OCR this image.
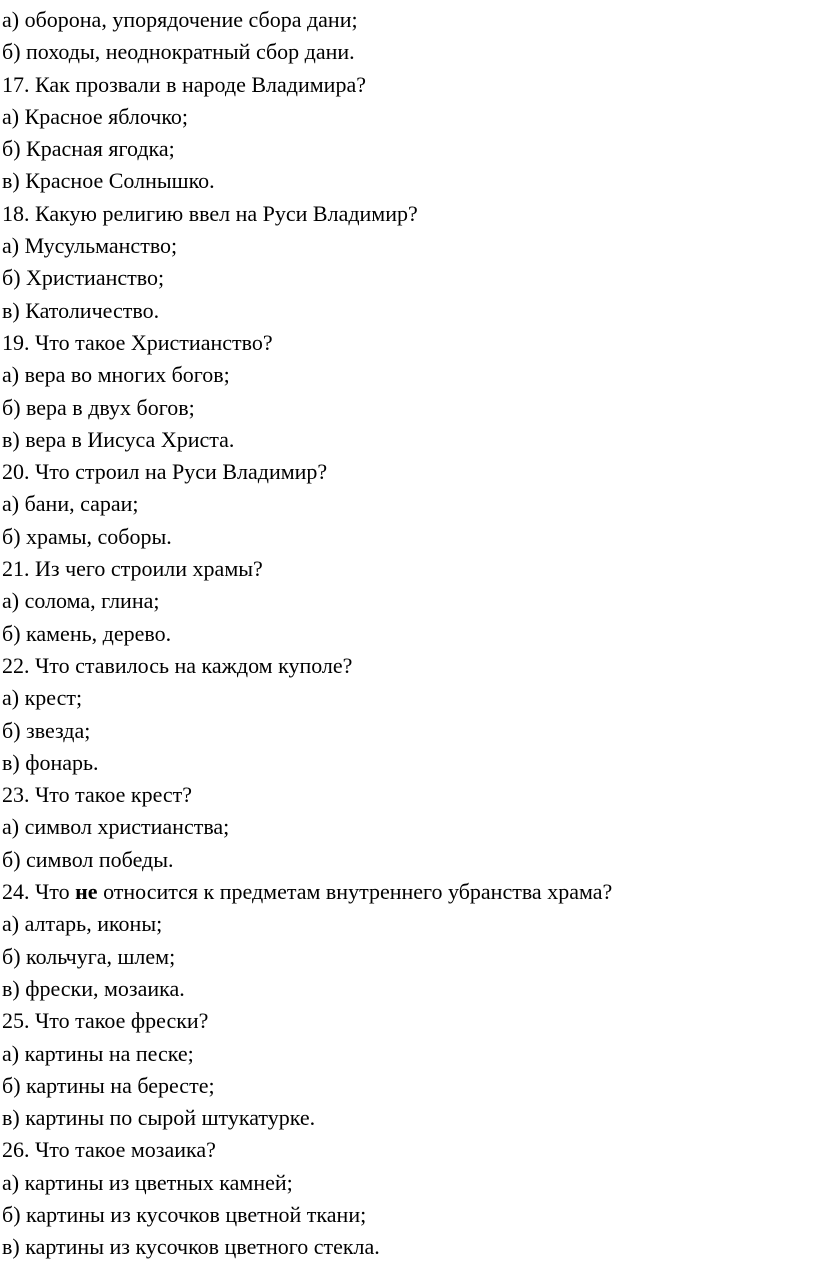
а) оборона, упорядочение сбора дани;

б) походы, неоднократный сбор дани.

17. Как прозвали в народе Владимира?

а) Красное яблочко;

б) Красная ягодка;

в) Красное Солнышко.

18. Какую религию ввел на Руси Владимир?

а) Мусульманство;

б) Христианство;

в) Католичество.

19. Что такое Христианство?

а) вера во многих богов;

б) вера в двух богов;

в) вера в Иисуса Христа.

20. Что строил на Руси Владимир?

а) бани, сараи;

б) храмы, соборы.

21. Из чего строили храмы?

а) солома, глина;

б) камень, дерево.

22. Что ставилось на каждом куполе?

а) крест;

б) звезда;

в) фонарь.

23. Что такое крест?

а) символ христианства;

б) символ победы.

24. Что не относится к предметам внутреннего убранства храма?

а) алтарь, иконы;

б) кольчуга, шлем;

в) фрески, мозаика.

25. Что такое фрески?

а) картины на песке;

б) картины на бересте;

в) картины по сырой штукатурке.

26. Что такое мозаика?

а) картины из цветных камней;

б) картины из кусочков цветной ткани;

в) картины из кусочков цветного стекла.
